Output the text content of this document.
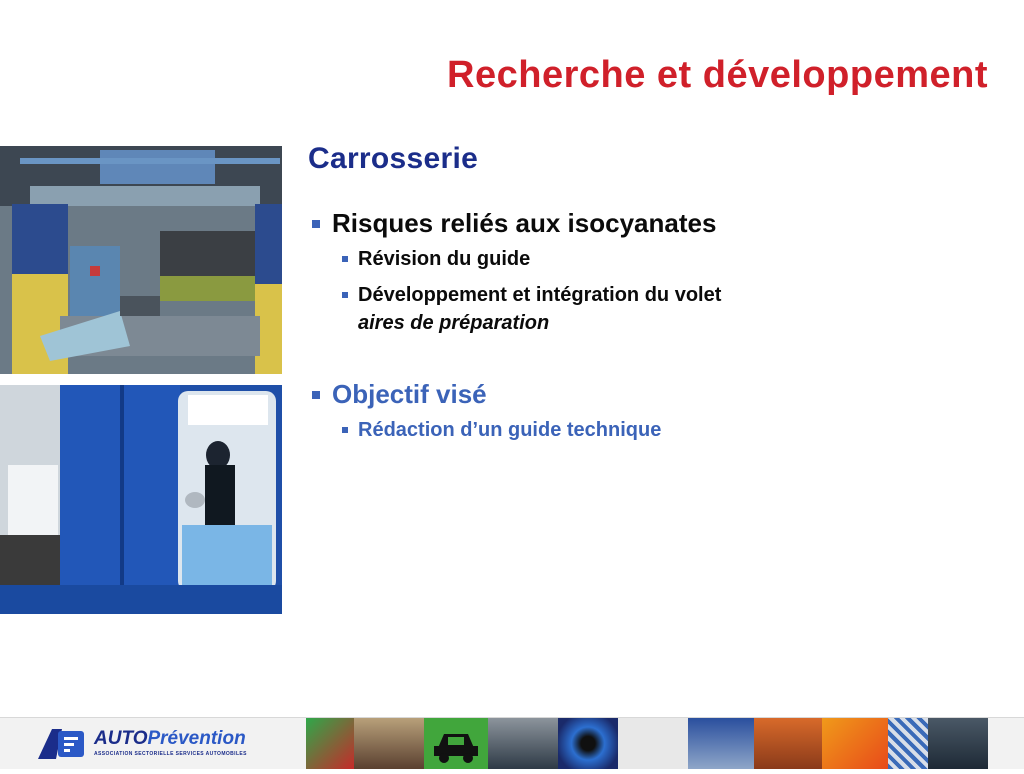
Recherche et développement
Carrosserie
Risques reliés aux isocyanates
Révision du guide
Développement et intégration du volet
aires de préparation
Objectif visé
Rédaction d’un guide technique
AUTOPrévention
ASSOCIATION SECTORIELLE SERVICES AUTOMOBILES
